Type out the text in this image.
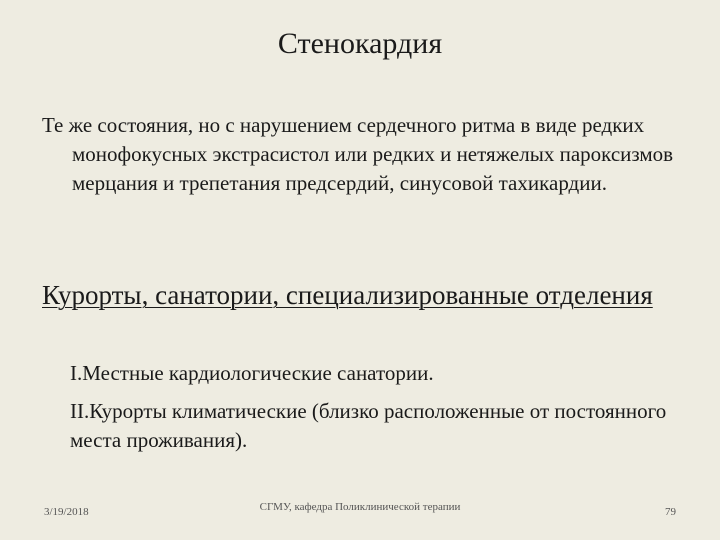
Стенокардия

Те же состояния, но с нарушением сердечного ритма в виде редких монофокусных экстрасистол или редких и нетяжелых пароксизмов мерцания и трепетания предсердий, синусовой тахикардии.

Курорты, санатории, специализированные отделения

I.Местные кардиологические санатории.

II.Курорты климатические (близко расположенные от постоянного места проживания).

3/19/2018	СГМУ, кафедра Поликлинической терапии	79
